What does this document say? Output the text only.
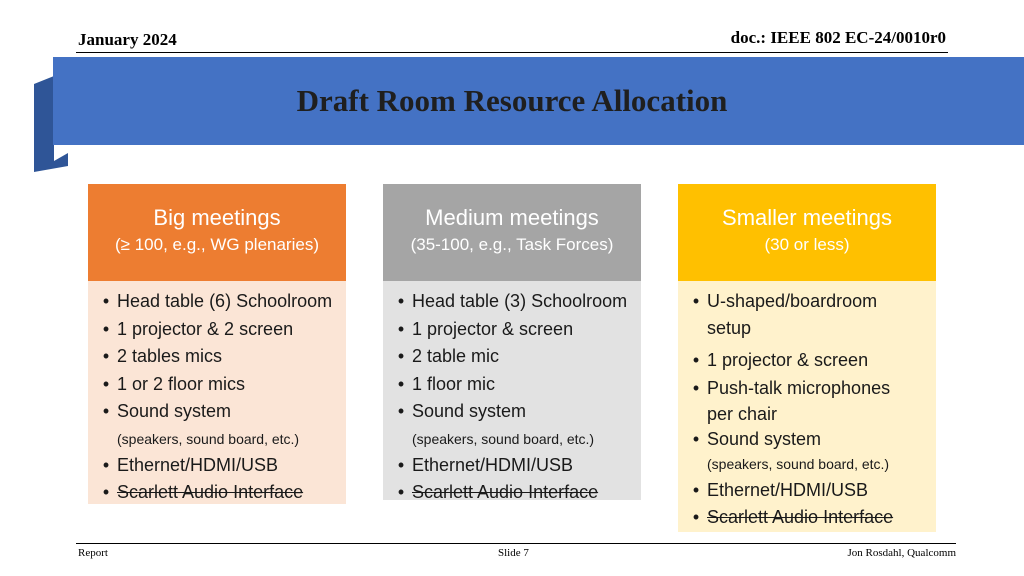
January 2024	doc.: IEEE 802 EC-24/0010r0
Draft Room Resource Allocation
Big meetings
(≥ 100, e.g., WG plenaries)
• Head table (6) Schoolroom
• 1 projector & 2 screen
• 2 tables mics
• 1 or 2 floor mics
• Sound system
(speakers, sound board, etc.)
• Ethernet/HDMI/USB
• Scarlett Audio Interface
Medium meetings
(35-100, e.g., Task Forces)
• Head table (3) Schoolroom
• 1 projector & screen
• 2 table mic
• 1 floor mic
• Sound system
(speakers, sound board, etc.)
• Ethernet/HDMI/USB
• Scarlett Audio Interface
Smaller meetings
(30 or less)
• U-shaped/boardroom setup
• 1 projector & screen
• Push-talk microphones per chair
• Sound system
(speakers, sound board, etc.)
• Ethernet/HDMI/USB
• Scarlett Audio Interface
Report	Slide 7	Jon Rosdahl, Qualcomm
